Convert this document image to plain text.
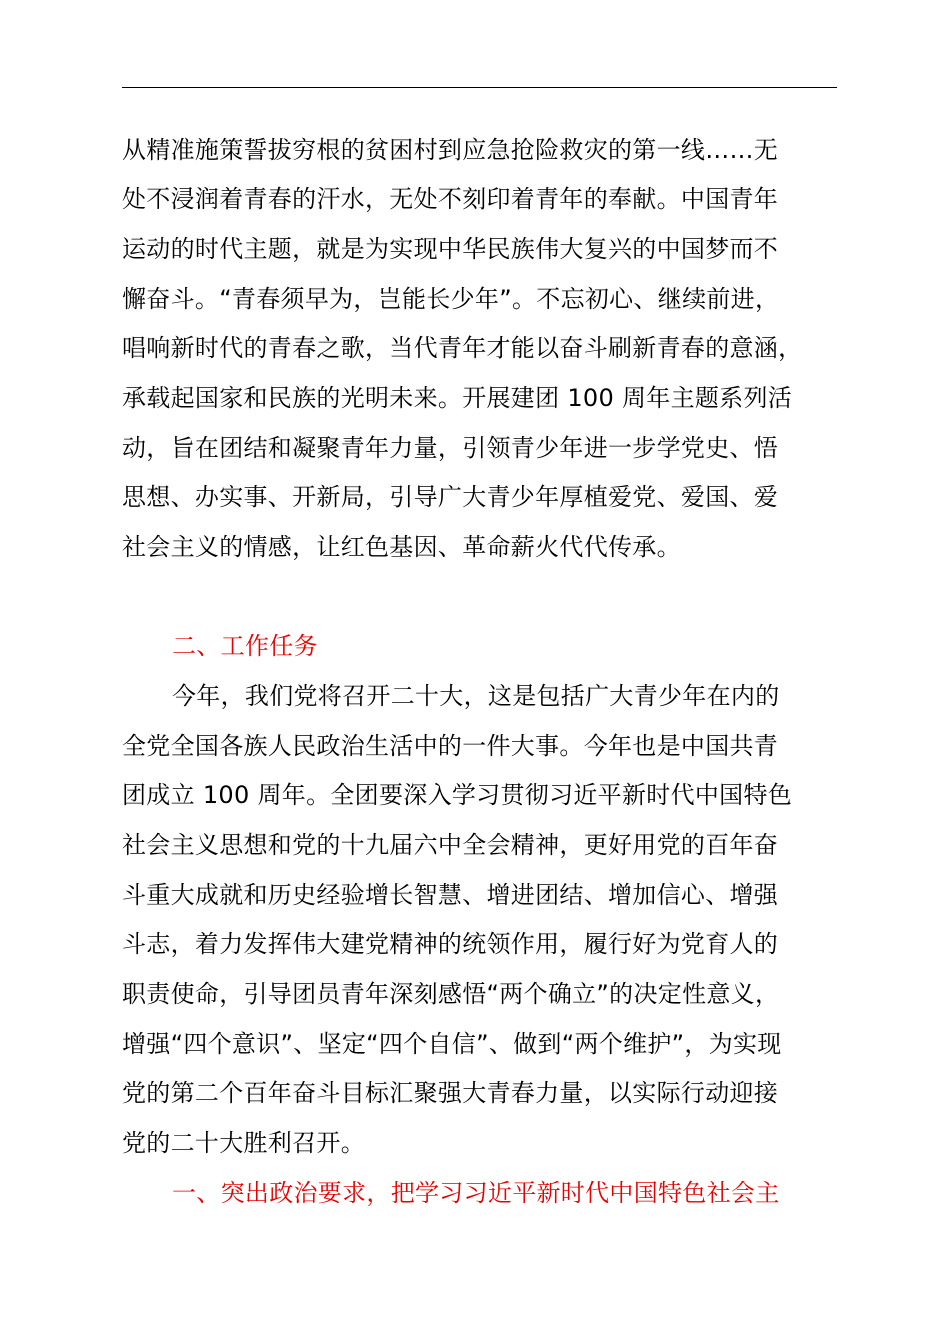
从精准施策誓拔穷根的贫困村到应急抢险救灾的第一线……无
处不浸润着青春的汗水，无处不刻印着青年的奉献。中国青年
运动的时代主题，就是为实现中华民族伟大复兴的中国梦而不
懈奋斗。“青春须早为，岂能长少年”。不忘初心、继续前进，
唱响新时代的青春之歌，当代青年才能以奋斗刷新青春的意涵，
承载起国家和民族的光明未来。开展建团 100 周年主题系列活
动，旨在团结和凝聚青年力量，引领青少年进一步学党史、悟
思想、办实事、开新局，引导广大青少年厚植爱党、爱国、爱
社会主义的情感，让红色基因、革命薪火代代传承。
二、工作任务
今年，我们党将召开二十大，这是包括广大青少年在内的
全党全国各族人民政治生活中的一件大事。今年也是中国共青
团成立 100 周年。全团要深入学习贯彻习近平新时代中国特色
社会主义思想和党的十九届六中全会精神，更好用党的百年奋
斗重大成就和历史经验增长智慧、增进团结、增加信心、增强
斗志，着力发挥伟大建党精神的统领作用，履行好为党育人的
职责使命，引导团员青年深刻感悟“两个确立”的决定性意义，
增强“四个意识”、坚定“四个自信”、做到“两个维护”，为实现
党的第二个百年奋斗目标汇聚强大青春力量，以实际行动迎接
党的二十大胜利召开。
一、突出政治要求，把学习习近平新时代中国特色社会主
